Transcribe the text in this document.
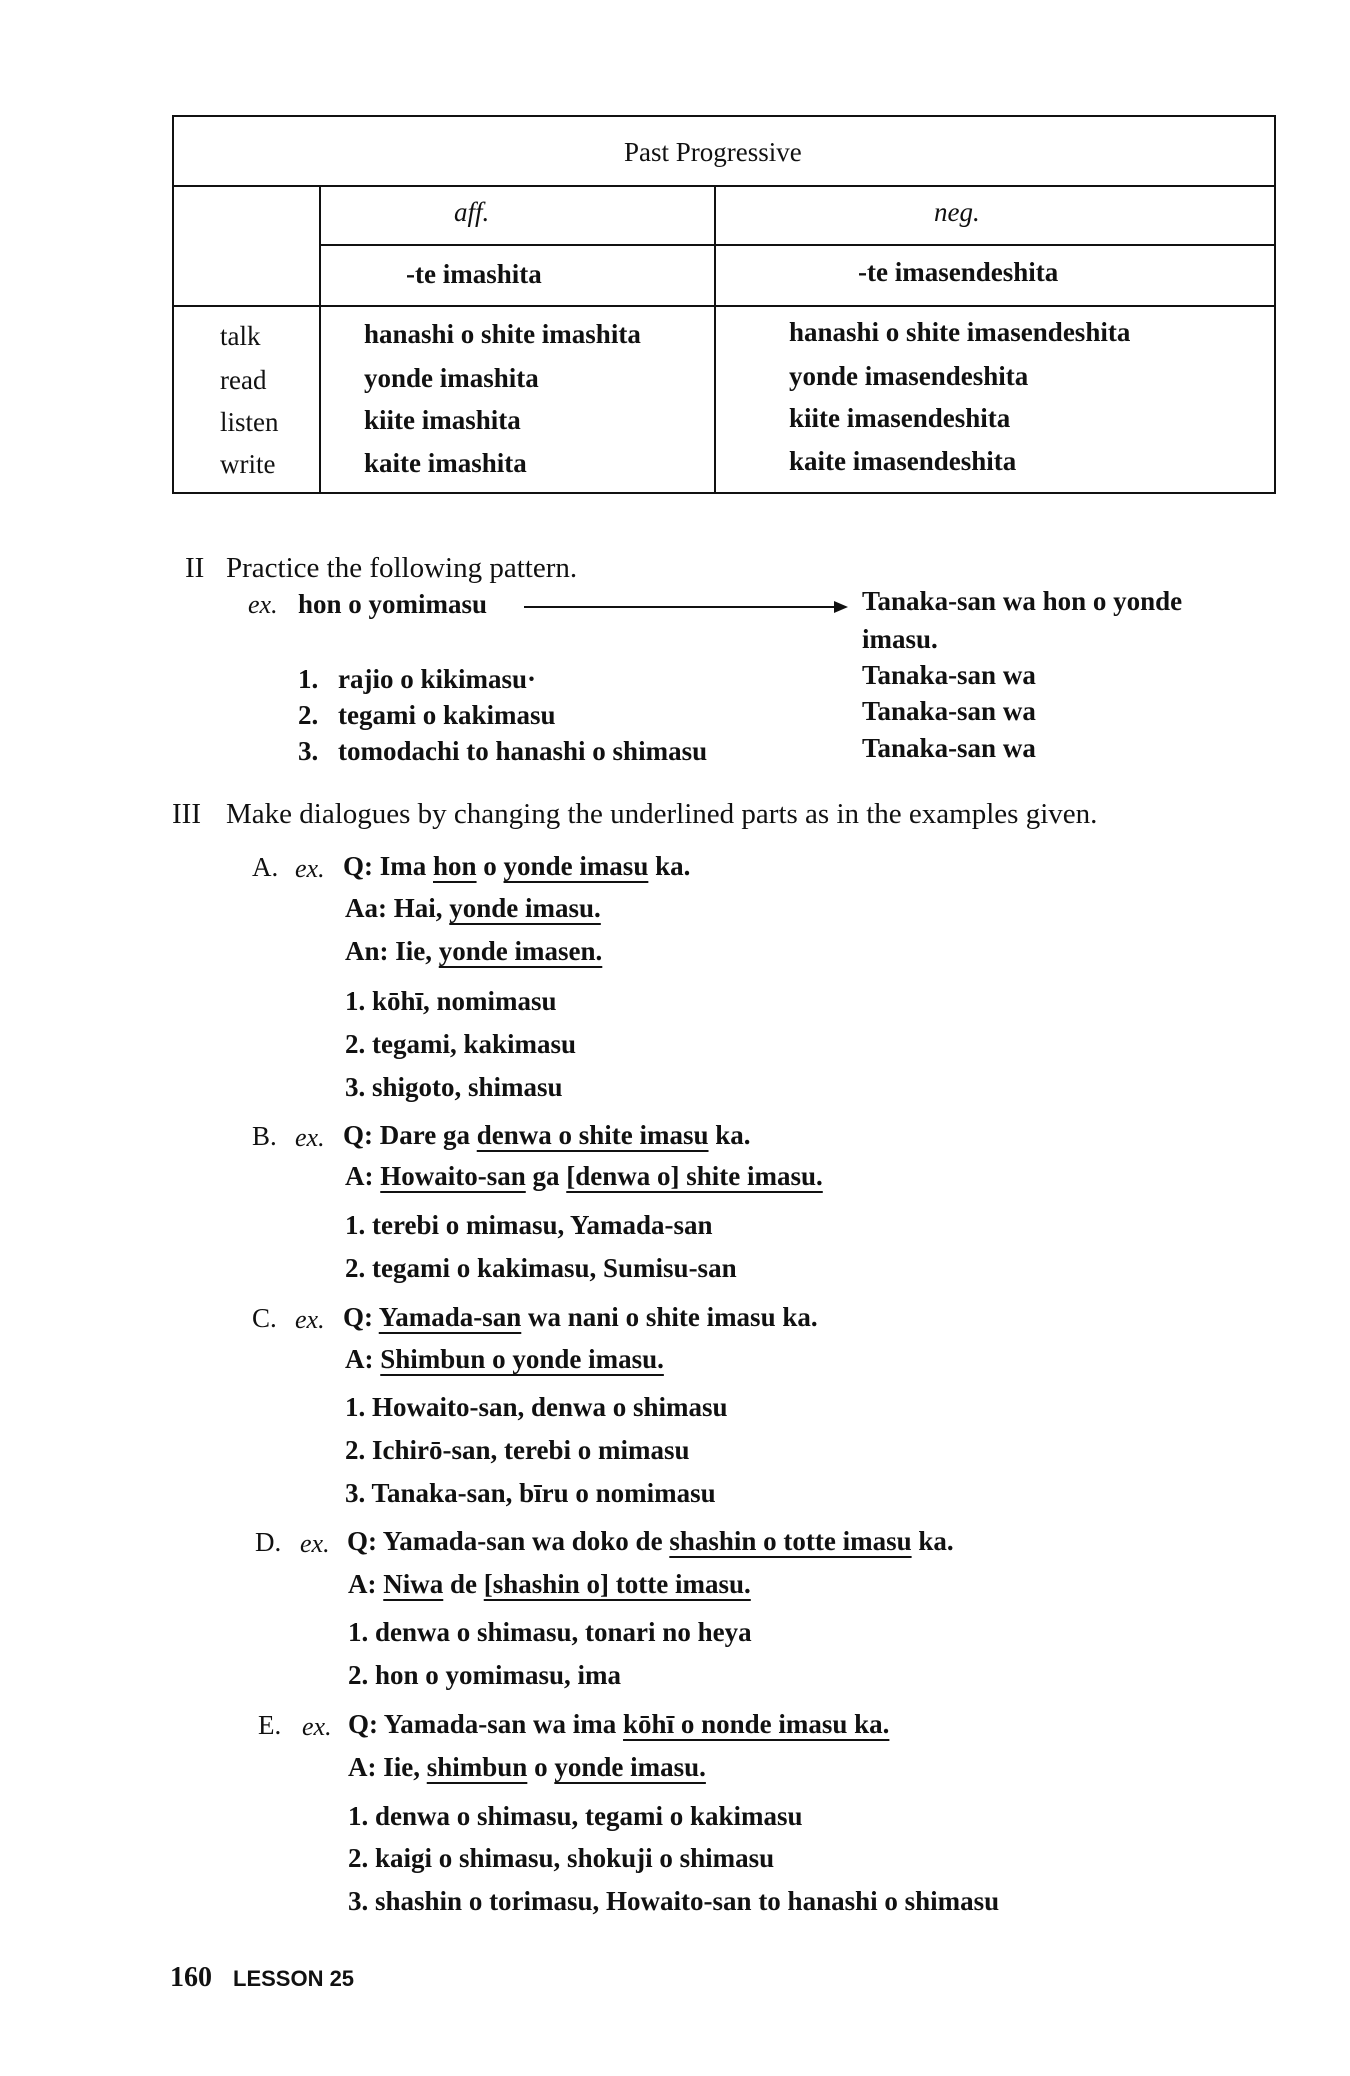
Past Progressive
aff.	neg.
-te imashita	-te imasendeshita
talk	hanashi o shite imashita	hanashi o shite imasendeshita
read	yonde imashita	yonde imasendeshita
listen	kiite imashita	kiite imasendeshita
write	kaite imashita	kaite imasendeshita
II Practice the following pattern.
ex. hon o yomimasu	Tanaka-san wa hon o yonde
imasu.
1. rajio o kikimasu·	Tanaka-san wa
2. tegami o kakimasu	Tanaka-san wa
3. tomodachi to hanashi o shimasu	Tanaka-san wa
III Make dialogues by changing the underlined parts as in the examples given.
A. ex. Q: Ima hon o yonde imasu ka.
Aa: Hai, yonde imasu.
An: Iie, yonde imasen.
1. kōhī, nomimasu
2. tegami, kakimasu
3. shigoto, shimasu
B. ex. Q: Dare ga denwa o shite imasu ka.
A: Howaito-san ga [denwa o] shite imasu.
1. terebi o mimasu, Yamada-san
2. tegami o kakimasu, Sumisu-san
C. ex. Q: Yamada-san wa nani o shite imasu ka.
A: Shimbun o yonde imasu.
1. Howaito-san, denwa o shimasu
2. Ichirō-san, terebi o mimasu
3. Tanaka-san, bīru o nomimasu
D. ex. Q: Yamada-san wa doko de shashin o totte imasu ka.
A: Niwa de [shashin o] totte imasu.
1. denwa o shimasu, tonari no heya
2. hon o yomimasu, ima
E. ex. Q: Yamada-san wa ima kōhī o nonde imasu ka.
A: Iie, shimbun o yonde imasu.
1. denwa o shimasu, tegami o kakimasu
2. kaigi o shimasu, shokuji o shimasu
3. shashin o torimasu, Howaito-san to hanashi o shimasu
160 LESSON 25
